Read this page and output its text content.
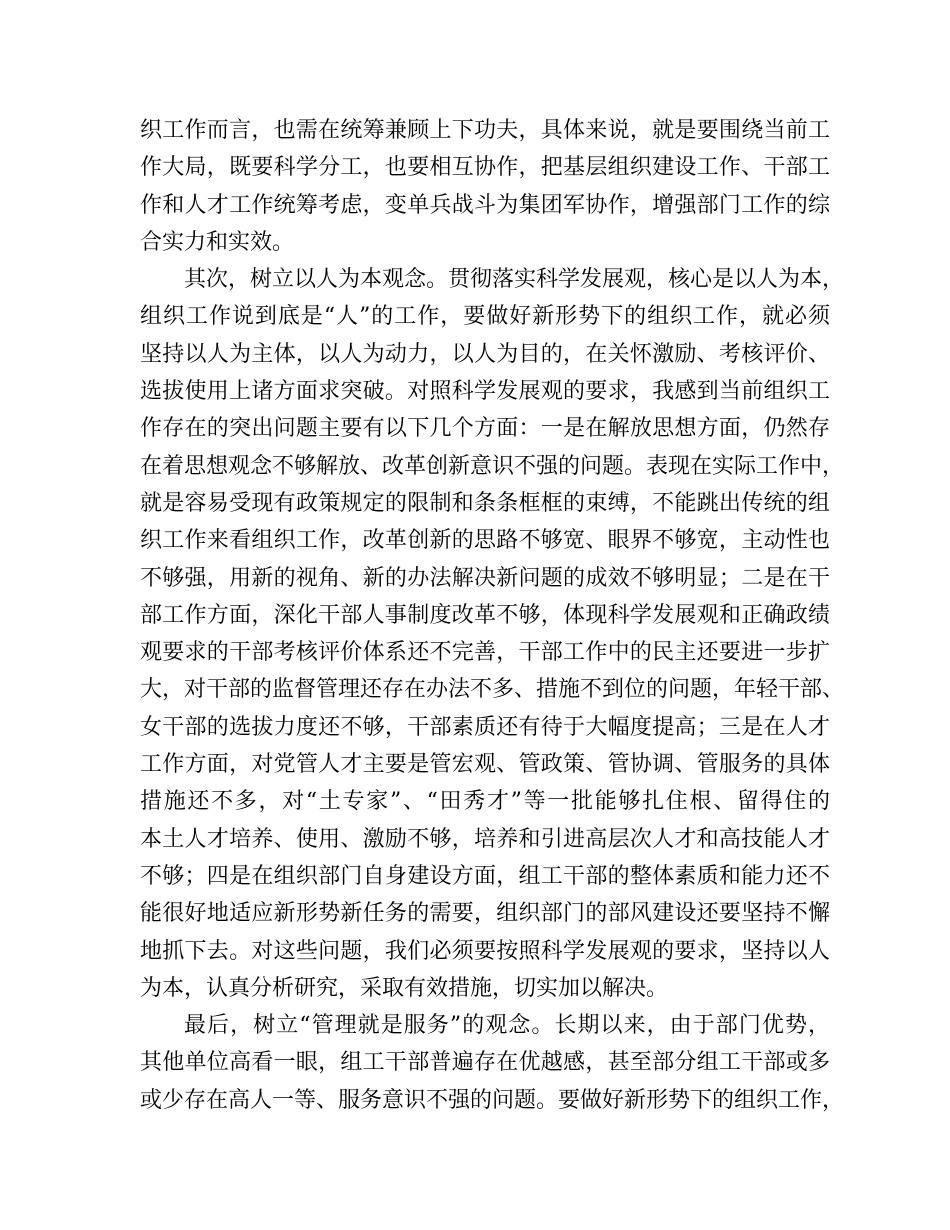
织工作而言，也需在统筹兼顾上下功夫，具体来说，就是要围绕当前工
作大局，既要科学分工，也要相互协作，把基层组织建设工作、干部工
作和人才工作统筹考虑，变单兵战斗为集团军协作，增强部门工作的综
合实力和实效。
其次，树立以人为本观念。贯彻落实科学发展观，核心是以人为本，
组织工作说到底是“人”的工作，要做好新形势下的组织工作，就必须
坚持以人为主体，以人为动力，以人为目的，在关怀激励、考核评价、
选拔使用上诸方面求突破。对照科学发展观的要求，我感到当前组织工
作存在的突出问题主要有以下几个方面：一是在解放思想方面，仍然存
在着思想观念不够解放、改革创新意识不强的问题。表现在实际工作中，
就是容易受现有政策规定的限制和条条框框的束缚，不能跳出传统的组
织工作来看组织工作，改革创新的思路不够宽、眼界不够宽，主动性也
不够强，用新的视角、新的办法解决新问题的成效不够明显；二是在干
部工作方面，深化干部人事制度改革不够，体现科学发展观和正确政绩
观要求的干部考核评价体系还不完善，干部工作中的民主还要进一步扩
大，对干部的监督管理还存在办法不多、措施不到位的问题，年轻干部、
女干部的选拔力度还不够，干部素质还有待于大幅度提高；三是在人才
工作方面，对党管人才主要是管宏观、管政策、管协调、管服务的具体
措施还不多，对“土专家”、“田秀才”等一批能够扎住根、留得住的
本土人才培养、使用、激励不够，培养和引进高层次人才和高技能人才
不够；四是在组织部门自身建设方面，组工干部的整体素质和能力还不
能很好地适应新形势新任务的需要，组织部门的部风建设还要坚持不懈
地抓下去。对这些问题，我们必须要按照科学发展观的要求，坚持以人
为本，认真分析研究，采取有效措施，切实加以解决。
最后，树立“管理就是服务”的观念。长期以来，由于部门优势，
其他单位高看一眼，组工干部普遍存在优越感，甚至部分组工干部或多
或少存在高人一等、服务意识不强的问题。要做好新形势下的组织工作，
